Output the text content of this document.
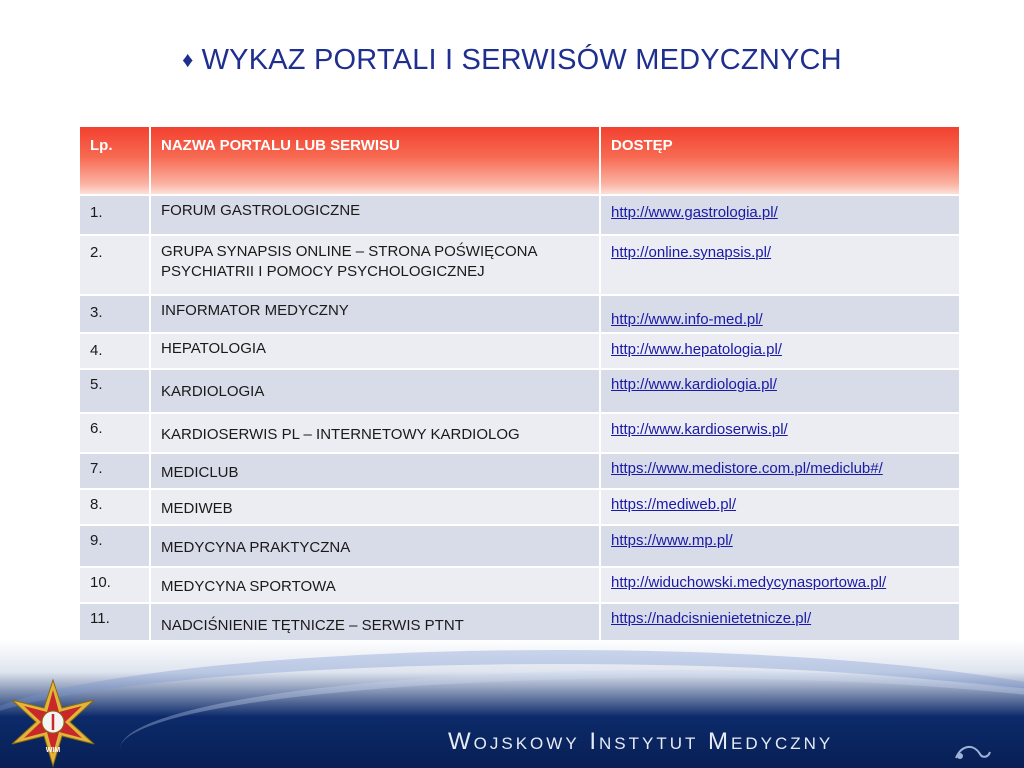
♦ WYKAZ PORTALI I SERWISÓW MEDYCZNYCH
Lp.	NAZWA PORTALU LUB SERWISU	DOSTĘP
1.	FORUM GASTROLOGICZNE	http://www.gastrologia.pl/
2.	GRUPA SYNAPSIS ONLINE – STRONA POŚWIĘCONA PSYCHIATRII I POMOCY PSYCHOLOGICZNEJ	http://online.synapsis.pl/
3.	INFORMATOR MEDYCZNY	http://www.info-med.pl/
4.	HEPATOLOGIA	http://www.hepatologia.pl/
5.	KARDIOLOGIA	http://www.kardiologia.pl/
6.	KARDIOSERWIS PL – INTERNETOWY KARDIOLOG	http://www.kardioserwis.pl/
7.	MEDICLUB	https://www.medistore.com.pl/mediclub#/
8.	MEDIWEB	https://mediweb.pl/
9.	MEDYCYNA PRAKTYCZNA	https://www.mp.pl/
10.	MEDYCYNA SPORTOWA	http://widuchowski.medycynasportowa.pl/
11.	NADCIŚNIENIE TĘTNICZE – SERWIS PTNT	https://nadcisnienietetnicze.pl/
WIM	Wojskowy Instytut Medyczny
